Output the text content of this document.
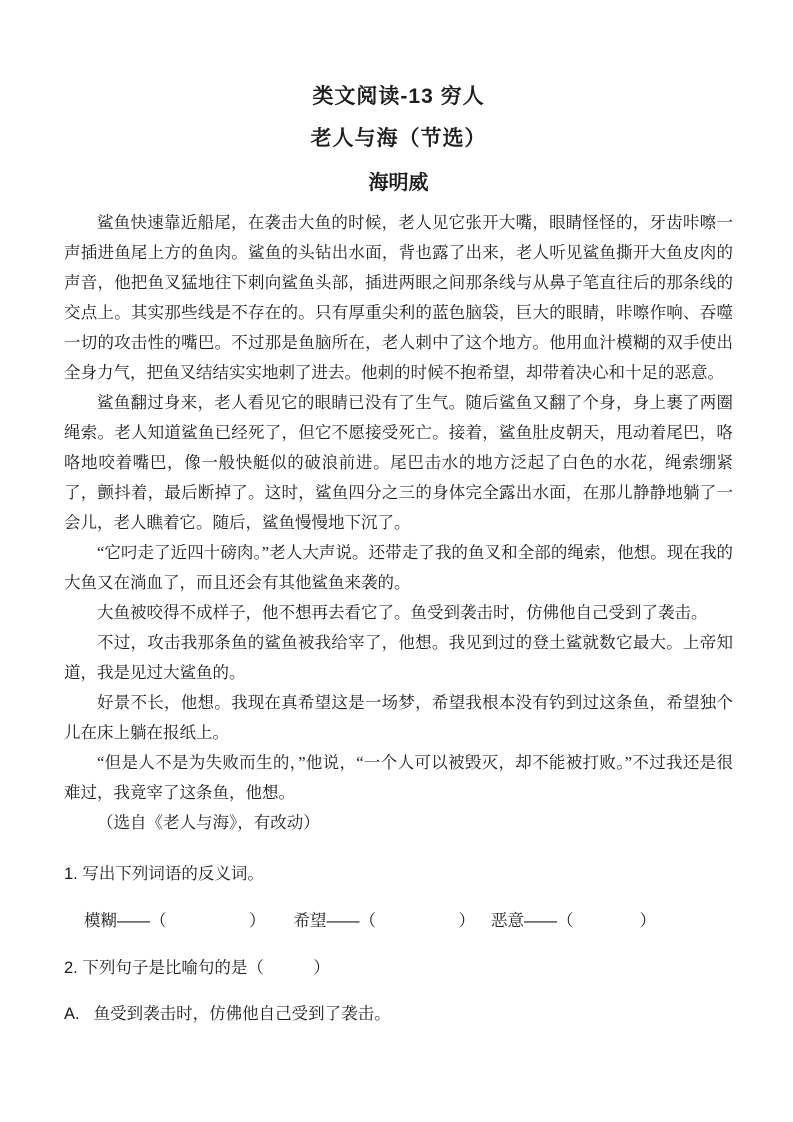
类文阅读-13 穷人
老人与海（节选）
海明威

鲨鱼快速靠近船尾，在袭击大鱼的时候，老人见它张开大嘴，眼睛怪怪的，牙齿咔嚓一声插进鱼尾上方的鱼肉。鲨鱼的头钻出水面，背也露了出来，老人听见鲨鱼撕开大鱼皮肉的声音，他把鱼叉猛地往下刺向鲨鱼头部，插进两眼之间那条线与从鼻子笔直往后的那条线的交点上。其实那些线是不存在的。只有厚重尖利的蓝色脑袋，巨大的眼睛，咔嚓作响、吞噬一切的攻击性的嘴巴。不过那是鱼脑所在，老人刺中了这个地方。他用血汁模糊的双手使出全身力气，把鱼叉结结实实地刺了进去。他刺的时候不抱希望，却带着决心和十足的恶意。

鲨鱼翻过身来，老人看见它的眼睛已没有了生气。随后鲨鱼又翻了个身，身上裹了两圈绳索。老人知道鲨鱼已经死了，但它不愿接受死亡。接着，鲨鱼肚皮朝天，甩动着尾巴，咯咯地咬着嘴巴，像一般快艇似的破浪前进。尾巴击水的地方泛起了白色的水花，绳索绷紧了，颤抖着，最后断掉了。这时，鲨鱼四分之三的身体完全露出水面，在那儿静静地躺了一会儿，老人瞧着它。随后，鲨鱼慢慢地下沉了。

“它叼走了近四十磅肉。”老人大声说。还带走了我的鱼叉和全部的绳索，他想。现在我的大鱼又在淌血了，而且还会有其他鲨鱼来袭的。

大鱼被咬得不成样子，他不想再去看它了。鱼受到袭击时，仿佛他自己受到了袭击。

不过，攻击我那条鱼的鲨鱼被我给宰了，他想。我见到过的登土鲨就数它最大。上帝知道，我是见过大鲨鱼的。

好景不长，他想。我现在真希望这是一场梦，希望我根本没有钓到过这条鱼，希望独个儿在床上躺在报纸上。

“但是人不是为失败而生的，”他说，“一个人可以被毁灭，却不能被打败。”不过我还是很难过，我竟宰了这条鱼，他想。

（选自《老人与海》，有改动）

1. 写出下列词语的反义词。
模糊——（　　　　　） 希望——（　　　　　） 恶意——（　　　　）
2. 下列句子是比喻句的是（　　　）
A. 鱼受到袭击时，仿佛他自己受到了袭击。
